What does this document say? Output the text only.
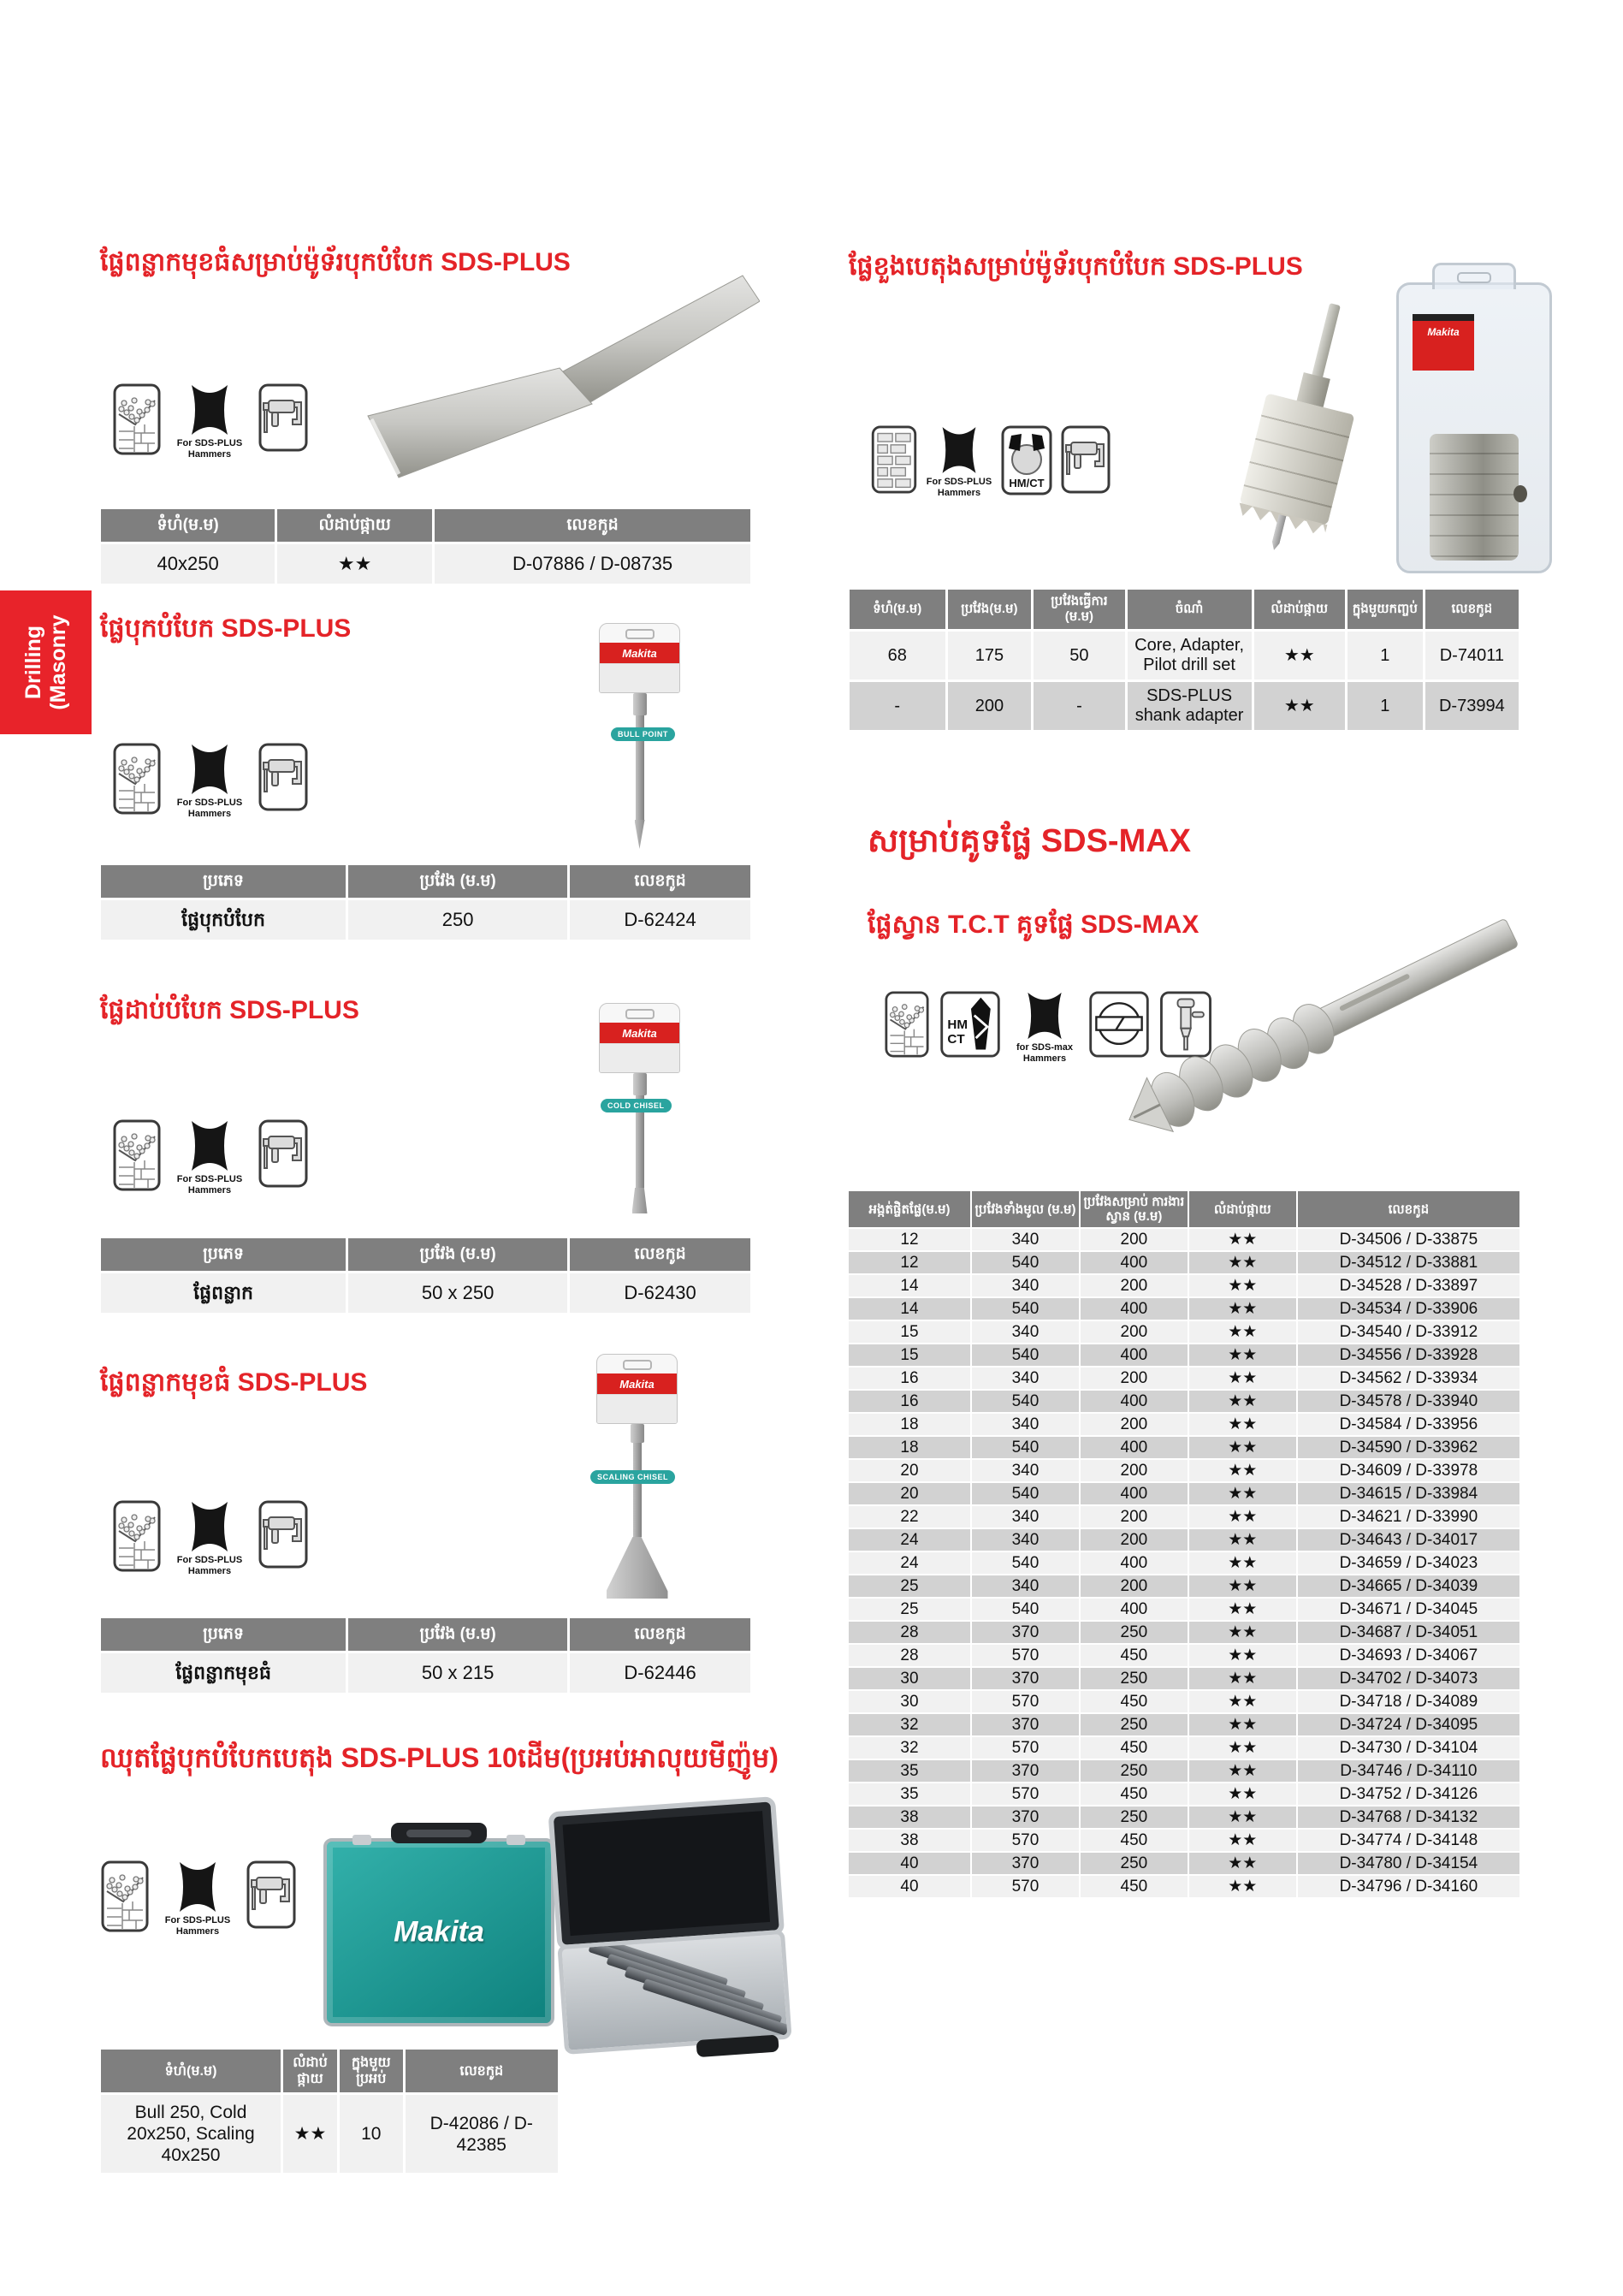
Drilling
(Masonry
ផ្លែពន្លាកមុខធំសម្រាប់ម៉ូទ័របុកបំបែក SDS-PLUS
For SDS-PLUS
Hammers
ទំហំ(ម.ម)	លំដាប់ផ្កាយ	លេខកូដ
40x250	★★	D-07886 / D-08735
ផ្លែបុកបំបែក SDS-PLUS
Makita
BULL POINT
For SDS-PLUS
Hammers
ប្រភេទ	ប្រវែង (ម.ម)	លេខកូដ
ផ្លែបុកបំបែក	250	D-62424
ផ្លែដាប់បំបែក SDS-PLUS
Makita
COLD CHISEL
For SDS-PLUS
Hammers
ប្រភេទ	ប្រវែង (ម.ម)	លេខកូដ
ផ្លែពន្លាក	50 x 250	D-62430
ផ្លែពន្លាកមុខធំ SDS-PLUS	Makita
SCALING CHISEL
For SDS-PLUS
Hammers
ប្រភេទ	ប្រវែង (ម.ម)	លេខកូដ
ផ្លែពន្លាកមុខធំ	50 x 215	D-62446
ឈុតផ្លែបុកបំបែកបេតុង SDS-PLUS 10ដើម(ប្រអប់អាលុយមីញ៉ូម)
For SDS-PLUS
Hammers	Makita
ទំហំ(ម.ម)	លំដាប់ផ្កាយ	ក្នុងមួយប្រអប់	លេខកូដ
Bull 250, Cold 20x250, Scaling 40x250	★★	10	D-42086 / D-42385
ផ្លែខួងបេតុងសម្រាប់ម៉ូទ័របុកបំបែក SDS-PLUS
For SDS-PLUS
Hammers
HM/CT
Makita
ទំហំ(ម.ម)	ប្រវែង(ម.ម)	ប្រវែងធ្វើការ (ម.ម)	ចំណាំ	លំដាប់ផ្កាយ	ក្នុងមួយកញ្ចប់	លេខកូដ
68	175	50	Core, Adapter, Pilot drill set	★★	1	D-74011
-	200	-	SDS-PLUS shank adapter	★★	1	D-73994
សម្រាប់គូទផ្លែ SDS-MAX
ផ្លែស្វាន T.C.T គូទផ្លែ SDS-MAX
HM
CT
for SDS-max
Hammers
អង្កត់ផ្ចិតផ្លែ(ម.ម)	ប្រវែងទាំងមូល (ម.ម)	ប្រវែងសម្រាប់ ការងារស្វាន (ម.ម)	លំដាប់ផ្កាយ	លេខកូដ
12	340	200	★★	D-34506 / D-33875
12	540	400	★★	D-34512 / D-33881
14	340	200	★★	D-34528 / D-33897
14	540	400	★★	D-34534 / D-33906
15	340	200	★★	D-34540 / D-33912
15	540	400	★★	D-34556 / D-33928
16	340	200	★★	D-34562 / D-33934
16	540	400	★★	D-34578 / D-33940
18	340	200	★★	D-34584 / D-33956
18	540	400	★★	D-34590 / D-33962
20	340	200	★★	D-34609 / D-33978
20	540	400	★★	D-34615 / D-33984
22	340	200	★★	D-34621 / D-33990
24	340	200	★★	D-34643 / D-34017
24	540	400	★★	D-34659 / D-34023
25	340	200	★★	D-34665 / D-34039
25	540	400	★★	D-34671 / D-34045
28	370	250	★★	D-34687 / D-34051
28	570	450	★★	D-34693 / D-34067
30	370	250	★★	D-34702 / D-34073
30	570	450	★★	D-34718 / D-34089
32	370	250	★★	D-34724 / D-34095
32	570	450	★★	D-34730 / D-34104
35	370	250	★★	D-34746 / D-34110
35	570	450	★★	D-34752 / D-34126
38	370	250	★★	D-34768 / D-34132
38	570	450	★★	D-34774 / D-34148
40	370	250	★★	D-34780 / D-34154
40	570	450	★★	D-34796 / D-34160
